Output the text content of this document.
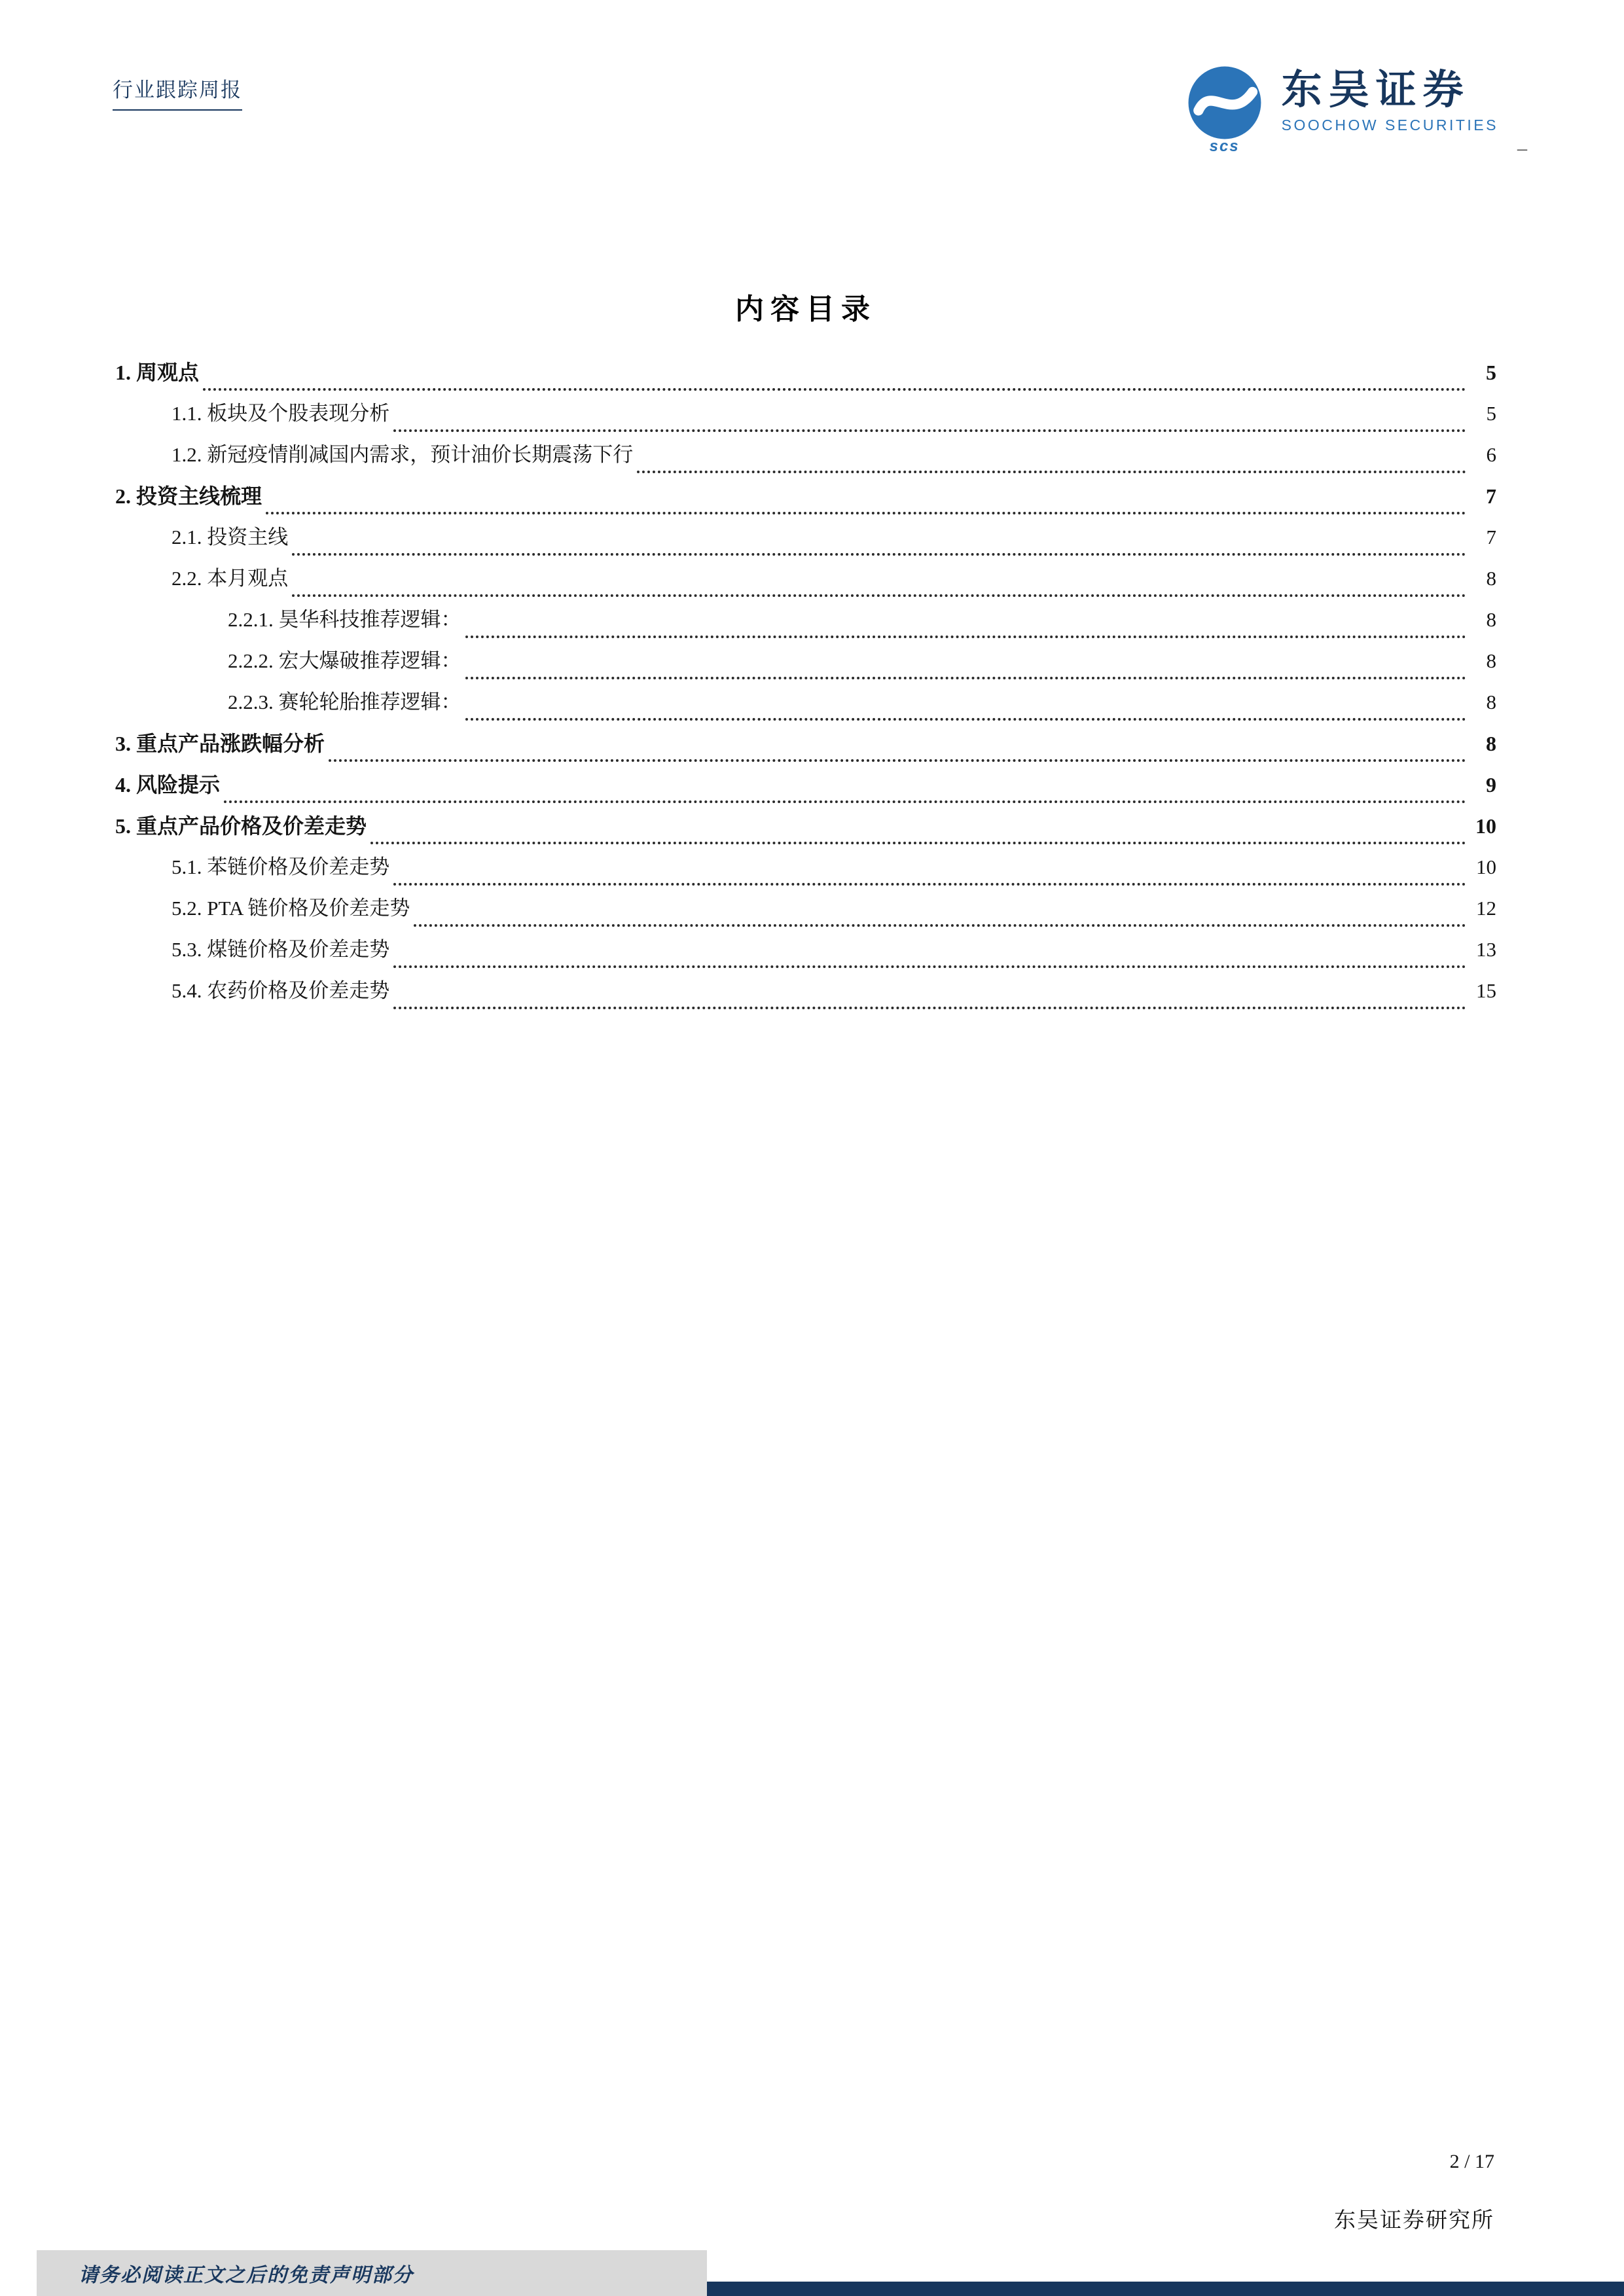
行业跟踪周报
scs
东吴证券
SOOCHOW SECURITIES
_
内容目录
1. 周观点	5
1.1. 板块及个股表现分析	5
1.2. 新冠疫情削减国内需求，预计油价长期震荡下行	6
2. 投资主线梳理	7
2.1. 投资主线	7
2.2. 本月观点	8
2.2.1. 昊华科技推荐逻辑：	8
2.2.2. 宏大爆破推荐逻辑：	8
2.2.3. 赛轮轮胎推荐逻辑：	8
3. 重点产品涨跌幅分析	8
4. 风险提示	9
5. 重点产品价格及价差走势	10
5.1. 苯链价格及价差走势	10
5.2. PTA 链价格及价差走势	12
5.3. 煤链价格及价差走势	13
5.4. 农药价格及价差走势	15
2 / 17
东吴证券研究所
请务必阅读正文之后的免责声明部分
